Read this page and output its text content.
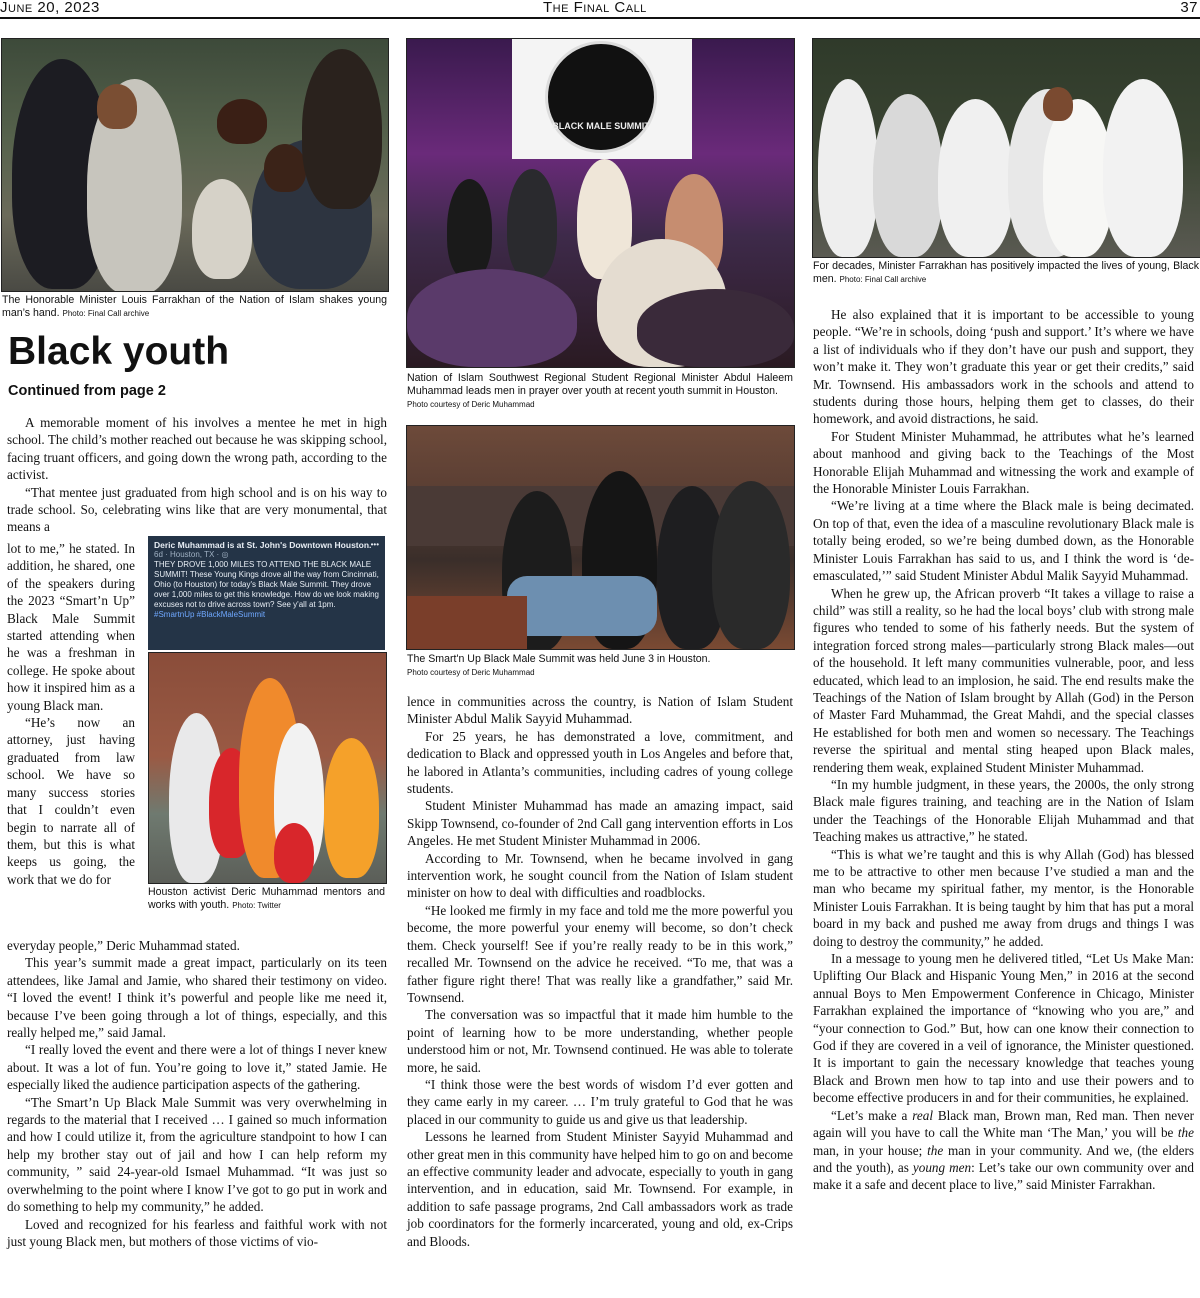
June 20, 2023	The Final Call	37
The Honorable Minister Louis Farrakhan of the Nation of Islam shakes young man’s hand. Photo: Final Call archive
Black youth
Continued from page 2

A memorable moment of his involves a mentee he met in high school. The child’s mother reached out because he was skipping school, facing truant officers, and going down the wrong path, according to the activist.

“That mentee just graduated from high school and is on his way to trade school. So, celebrating wins like that are very monumental, that means a

lot to me,” he stated. In addition, he shared, one of the speakers during the 2023 “Smart’n Up” Black Male Summit started attending when he was a freshman in college. He spoke about how it inspired him as a young Black man.

“He’s now an attorney, just having graduated from law school. We have so many success stories that I couldn’t even begin to narrate all of them, but this is what keeps us going, the work that we do for

Deric Muhammad is at St. John's Downtown Houston.
6d · Houston, TX · ◎
THEY DROVE 1,000 MILES TO ATTEND THE BLACK MALE SUMMIT! These Young Kings drove all the way from Cincinnati, Ohio (to Houston) for today's Black Male Summit. They drove over 1,000 miles to get this knowledge. How do we look making excuses not to drive across town? See y'all at 1pm.
#SmartnUp #BlackMaleSummit
•••
Houston activist Deric Muhammad mentors and works with youth. Photo: Twitter

everyday people,” Deric Muhammad stated.

This year’s summit made a great impact, particularly on its teen attendees, like Jamal and Jamie, who shared their testimony on video. “I loved the event! I think it’s powerful and people like me need it, because I’ve been going through a lot of things, especially, and this really helped me,” said Jamal.

“I really loved the event and there were a lot of things I never knew about. It was a lot of fun. You’re going to love it,” stated Jamie. He especially liked the audience participation aspects of the gathering.

“The Smart’n Up Black Male Summit was very overwhelming in regards to the material that I received … I gained so much information and how I could utilize it, from the agriculture standpoint to how I can help my brother stay out of jail and how I can help reform my community, ” said 24-year-old Ismael Muhammad. “It was just so overwhelming to the point where I know I’ve got to go put in work and do something to help my community,” he added.

Loved and recognized for his fearless and faithful work with not just young Black men, but mothers of those victims of vio-

BLACK MALE SUMMIT
Nation of Islam Southwest Regional Student Regional Minister Abdul Haleem Muhammad leads men in prayer over youth at recent youth summit in Houston.
Photo courtesy of Deric Muhammad
The Smart'n Up Black Male Summit was held June 3 in Houston.
Photo courtesy of Deric Muhammad

lence in communities across the country, is Nation of Islam Student Minister Abdul Malik Sayyid Muhammad.

For 25 years, he has demonstrated a love, commitment, and dedication to Black and oppressed youth in Los Angeles and before that, he labored in Atlanta’s communities, including cadres of young college students.

Student Minister Muhammad has made an amazing impact, said Skipp Townsend, co-founder of 2nd Call gang intervention efforts in Los Angeles. He met Student Minister Muhammad in 2006.

According to Mr. Townsend, when he became involved in gang intervention work, he sought council from the Nation of Islam student minister on how to deal with difficulties and roadblocks.

“He looked me firmly in my face and told me the more powerful you become, the more powerful your enemy will become, so don’t check them. Check yourself! See if you’re really ready to be in this work,” recalled Mr. Townsend on the advice he received. “To me, that was a father figure right there! That was really like a grandfather,” said Mr. Townsend.

The conversation was so impactful that it made him humble to the point of learning how to be more understanding, whether people understood him or not, Mr. Townsend continued. He was able to tolerate more, he said.

“I think those were the best words of wisdom I’d ever gotten and they came early in my career. … I’m truly grateful to God that he was placed in our community to guide us and give us that leadership.

Lessons he learned from Student Minister Sayyid Muhammad and other great men in this community have helped him to go on and become an effective community leader and advocate, especially to youth in gang intervention, and in education, said Mr. Townsend. For example, in addition to safe passage programs, 2nd Call ambassadors work as trade job coordinators for the formerly incarcerated, young and old, ex-Crips and Bloods.

For decades, Minister Farrakhan has positively impacted the lives of young, Black men. Photo: Final Call archive

He also explained that it is important to be accessible to young people. “We’re in schools, doing ‘push and support.’ It’s where we have a list of individuals who if they don’t have our push and support, they won’t make it. They won’t graduate this year or get their credits,” said Mr. Townsend. His ambassadors work in the schools and attend to students during those hours, helping them get to classes, do their homework, and avoid distractions, he said.

For Student Minister Muhammad, he attributes what he’s learned about manhood and giving back to the Teachings of the Most Honorable Elijah Muhammad and witnessing the work and example of the Honorable Minister Louis Farrakhan.

“We’re living at a time where the Black male is being decimated. On top of that, even the idea of a masculine revolutionary Black male is totally being eroded, so we’re being dumbed down, as the Honorable Minister Louis Farrakhan has said to us, and I think the word is ‘de-emasculated,’” said Student Minister Abdul Malik Sayyid Muhammad.

When he grew up, the African proverb “It takes a village to raise a child” was still a reality, so he had the local boys’ club with strong male figures who tended to some of his fatherly needs. But the system of integration forced strong males—particularly strong Black males—out of the household. It left many communities vulnerable, poor, and less educated, which lead to an implosion, he said. The end results make the Teachings of the Nation of Islam brought by Allah (God) in the Person of Master Fard Muhammad, the Great Mahdi, and the special classes He established for both men and women so necessary. The Teachings reverse the spiritual and mental sting heaped upon Black males, rendering them weak, explained Student Minister Muhammad.

“In my humble judgment, in these years, the 2000s, the only strong Black male figures training, and teaching are in the Nation of Islam under the Teachings of the Honorable Elijah Muhammad and that Teaching makes us attractive,” he stated.

“This is what we’re taught and this is why Allah (God) has blessed me to be attractive to other men because I’ve studied a man and the man who became my spiritual father, my mentor, is the Honorable Minister Louis Farrakhan. It is being taught by him that has put a moral board in my back and pushed me away from drugs and things I was doing to destroy the community,” he added.

In a message to young men he delivered titled, “Let Us Make Man: Uplifting Our Black and Hispanic Young Men,” in 2016 at the second annual Boys to Men Empowerment Conference in Chicago, Minister Farrakhan explained the importance of “knowing who you are,” and “your connection to God.” But, how can one know their connection to God if they are covered in a veil of ignorance, the Minister questioned. It is important to gain the necessary knowledge that teaches young Black and Brown men how to tap into and use their powers and to become effective producers in and for their communities, he explained.

“Let’s make a real Black man, Brown man, Red man. Then never again will you have to call the White man ‘The Man,’ you will be the man, in your house; the man in your community. And we, (the elders and the youth), as young men: Let’s take our own community over and make it a safe and decent place to live,” said Minister Farrakhan.
